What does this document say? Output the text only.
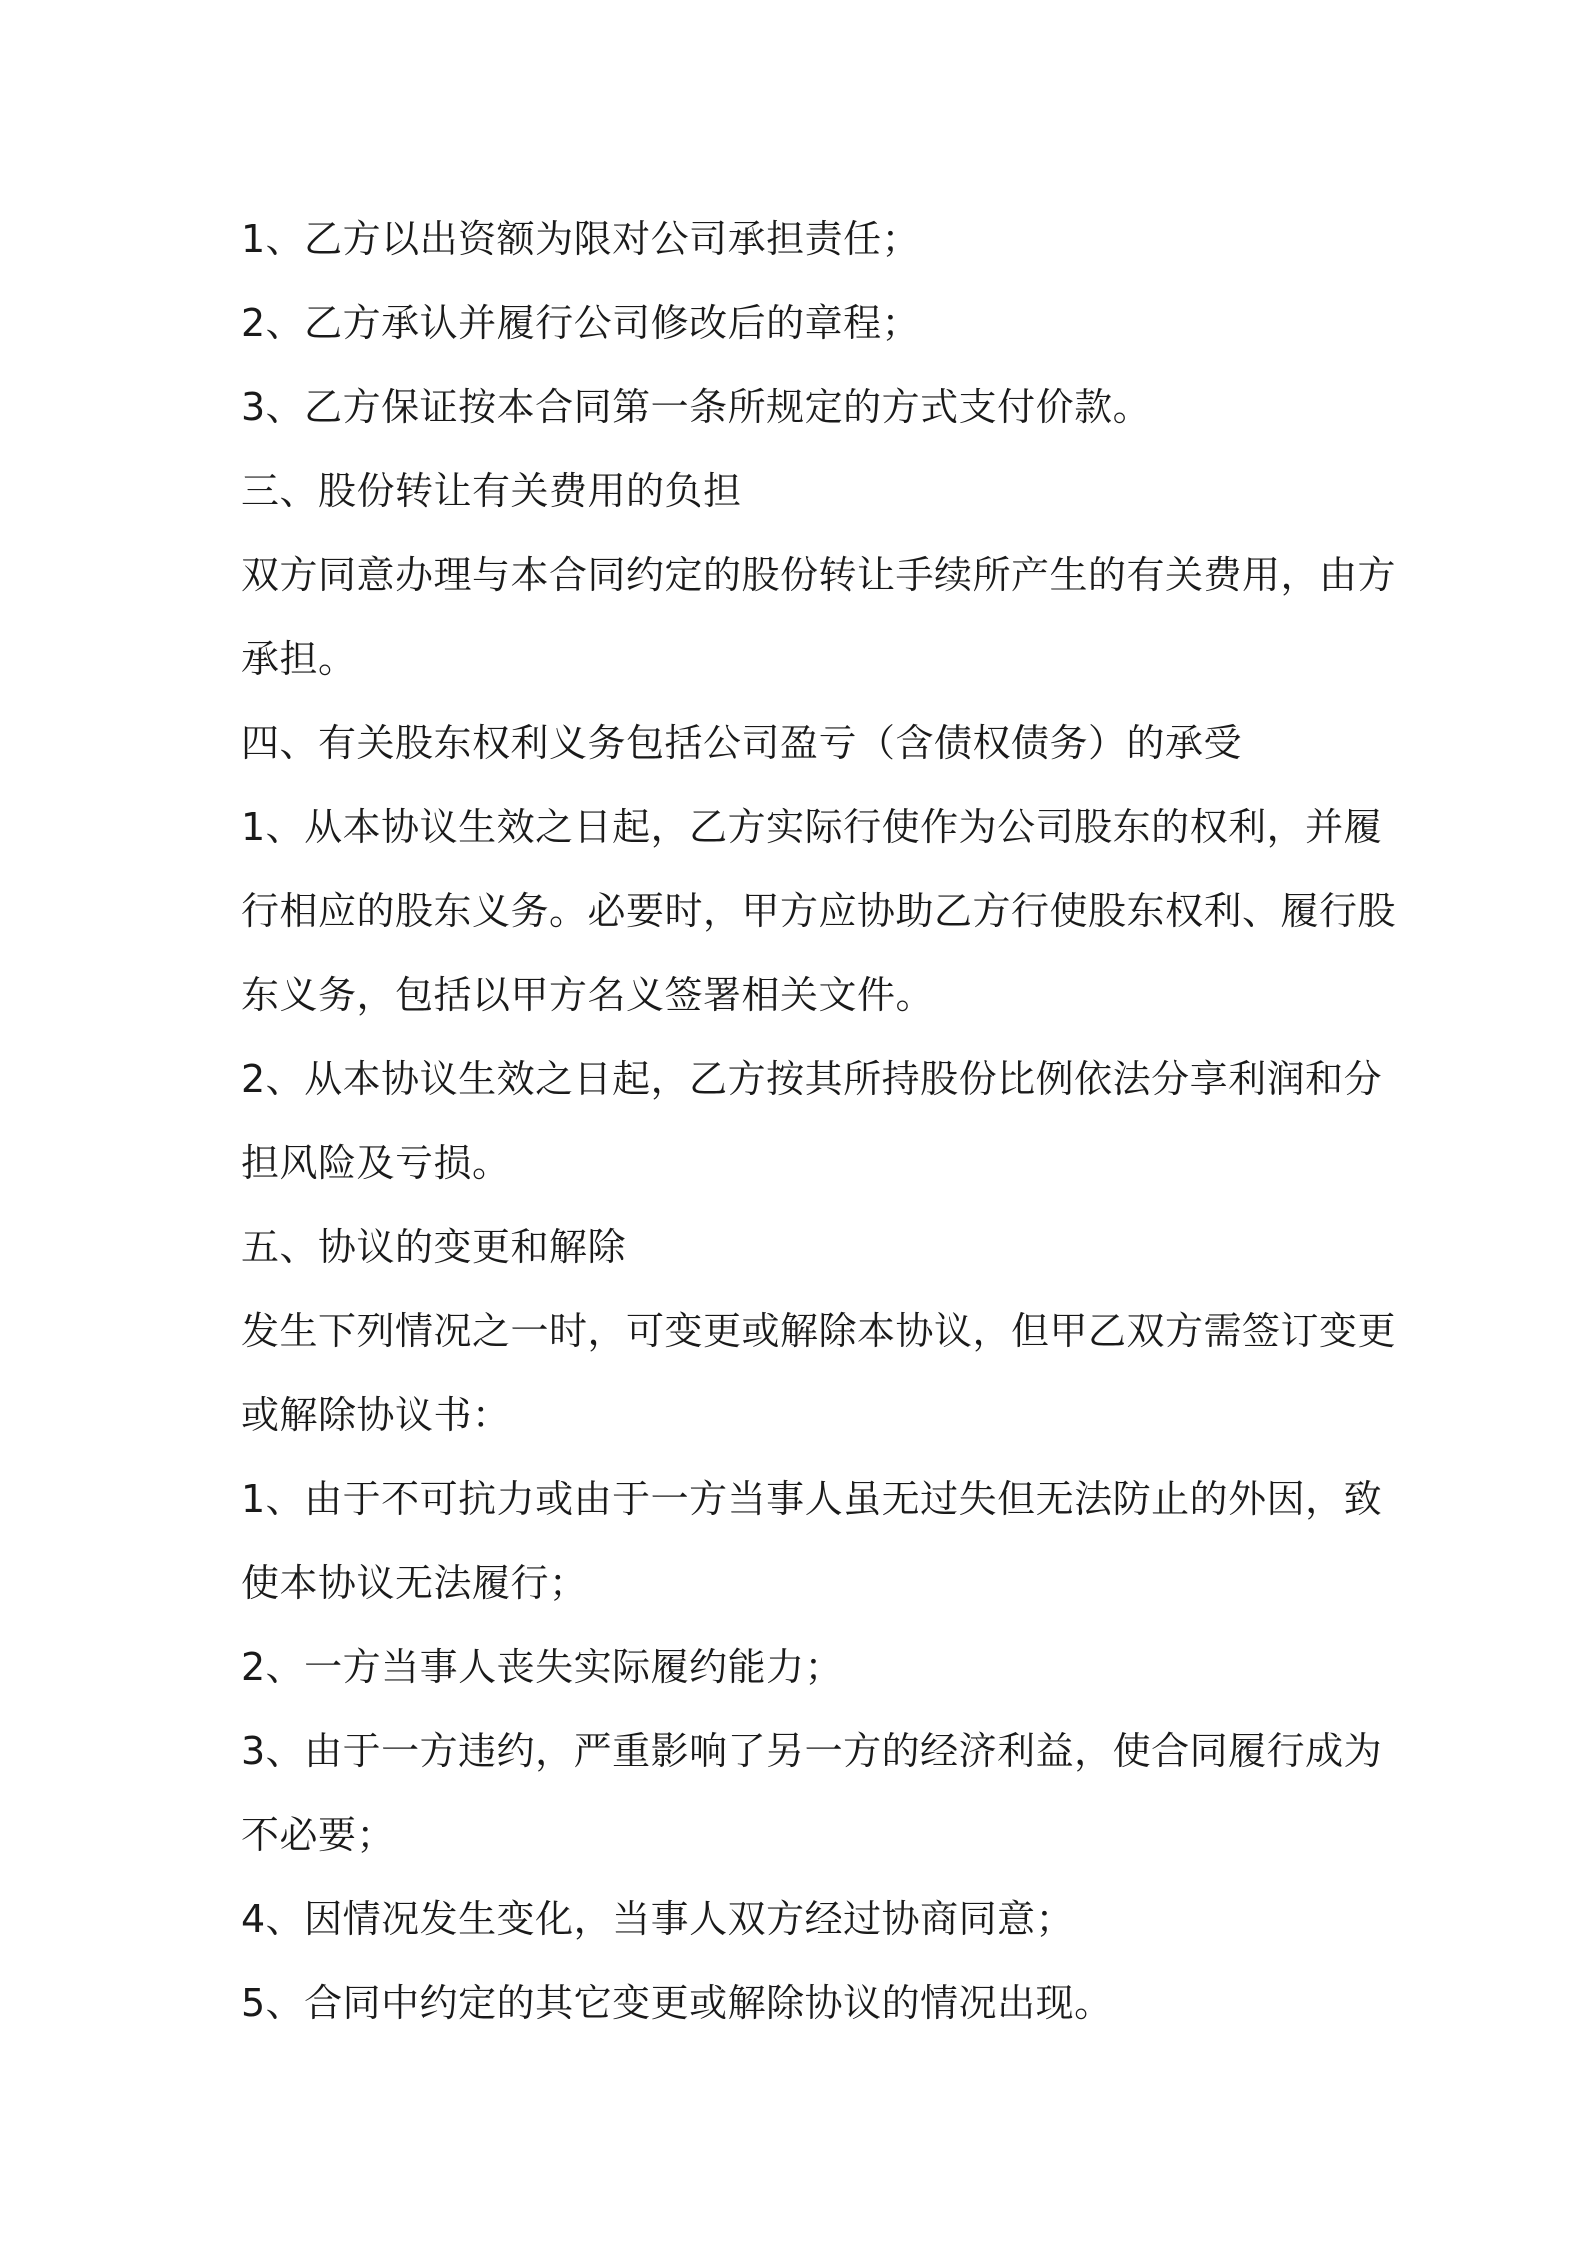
1、乙方以出资额为限对公司承担责任；
2、乙方承认并履行公司修改后的章程；
3、乙方保证按本合同第一条所规定的方式支付价款。
三、股份转让有关费用的负担
双方同意办理与本合同约定的股份转让手续所产生的有关费用，由方
承担。
四、有关股东权利义务包括公司盈亏（含债权债务）的承受
1、从本协议生效之日起，乙方实际行使作为公司股东的权利，并履
行相应的股东义务。必要时，甲方应协助乙方行使股东权利、履行股
东义务，包括以甲方名义签署相关文件。
2、从本协议生效之日起，乙方按其所持股份比例依法分享利润和分
担风险及亏损。
五、协议的变更和解除
发生下列情况之一时，可变更或解除本协议，但甲乙双方需签订变更
或解除协议书：
1、由于不可抗力或由于一方当事人虽无过失但无法防止的外因，致
使本协议无法履行；
2、一方当事人丧失实际履约能力；
3、由于一方违约，严重影响了另一方的经济利益，使合同履行成为
不必要；
4、因情况发生变化，当事人双方经过协商同意；
5、合同中约定的其它变更或解除协议的情况出现。
